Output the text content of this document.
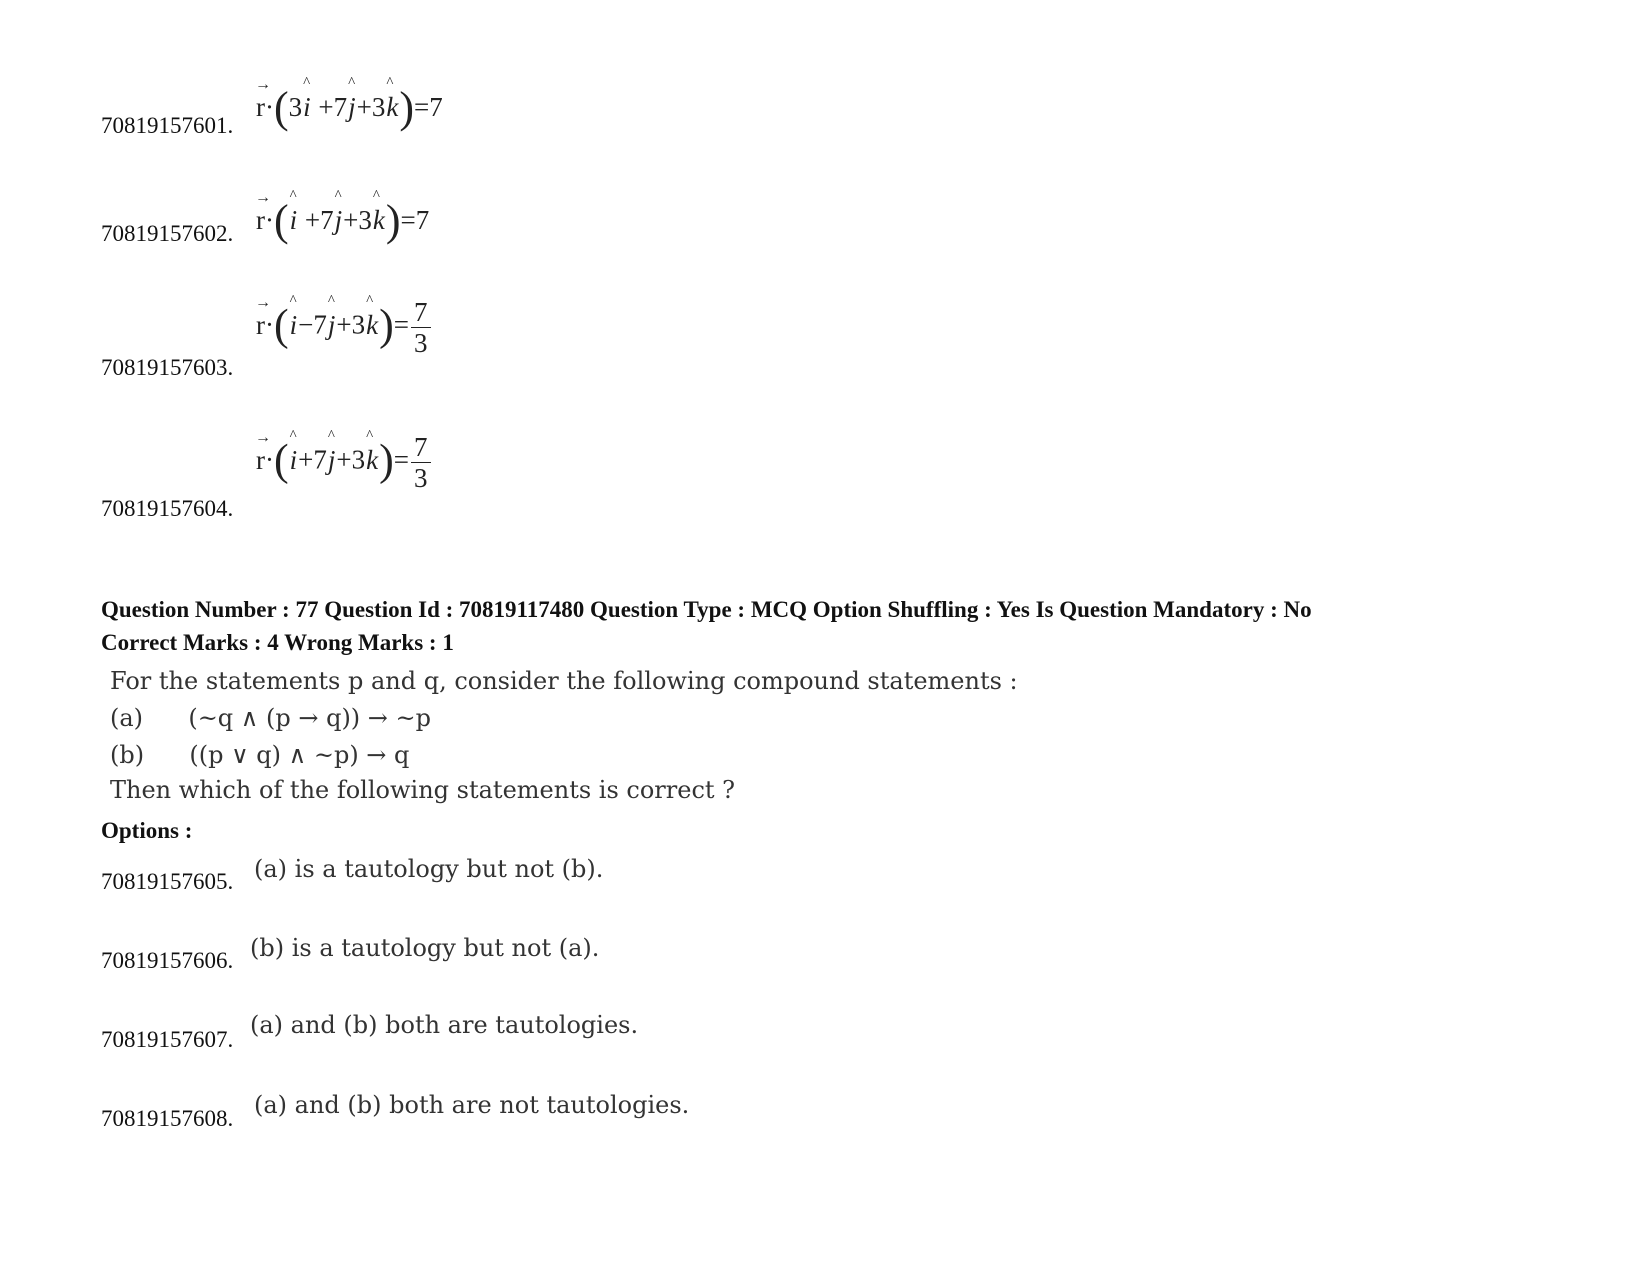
70819157601.
→
r·(3
^
i +7
^
j+3
^
k)=7
70819157602.
→
r·( ^
i +7
^
j+3
^
k)=7
70819157603.
→
r·( ^
i−7
^
j+3
^
$k)= \frac{7}{3}$
70819157604.
→
r·( ^
i+7
^
j+3
^
$k)= \frac{7}{3}$
Question Number : 77 Question Id : 70819117480 Question Type : MCQ Option Shuffling : Yes Is Question Mandatory : No
Correct Marks : 4 Wrong Marks : 1
For the statements p and q, consider the following compound statements :
(a) (~q ∧ (p → q)) → ~p
(b) ((p ∨ q) ∧ ~p) → q
Then which of the following statements is correct ?
Options :
70819157605. (a) is a tautology but not (b).
70819157606. (b) is a tautology but not (a).
70819157607.
(a) and (b) both are tautologies.
70819157608. (a) and (b) both are not tautologies.
